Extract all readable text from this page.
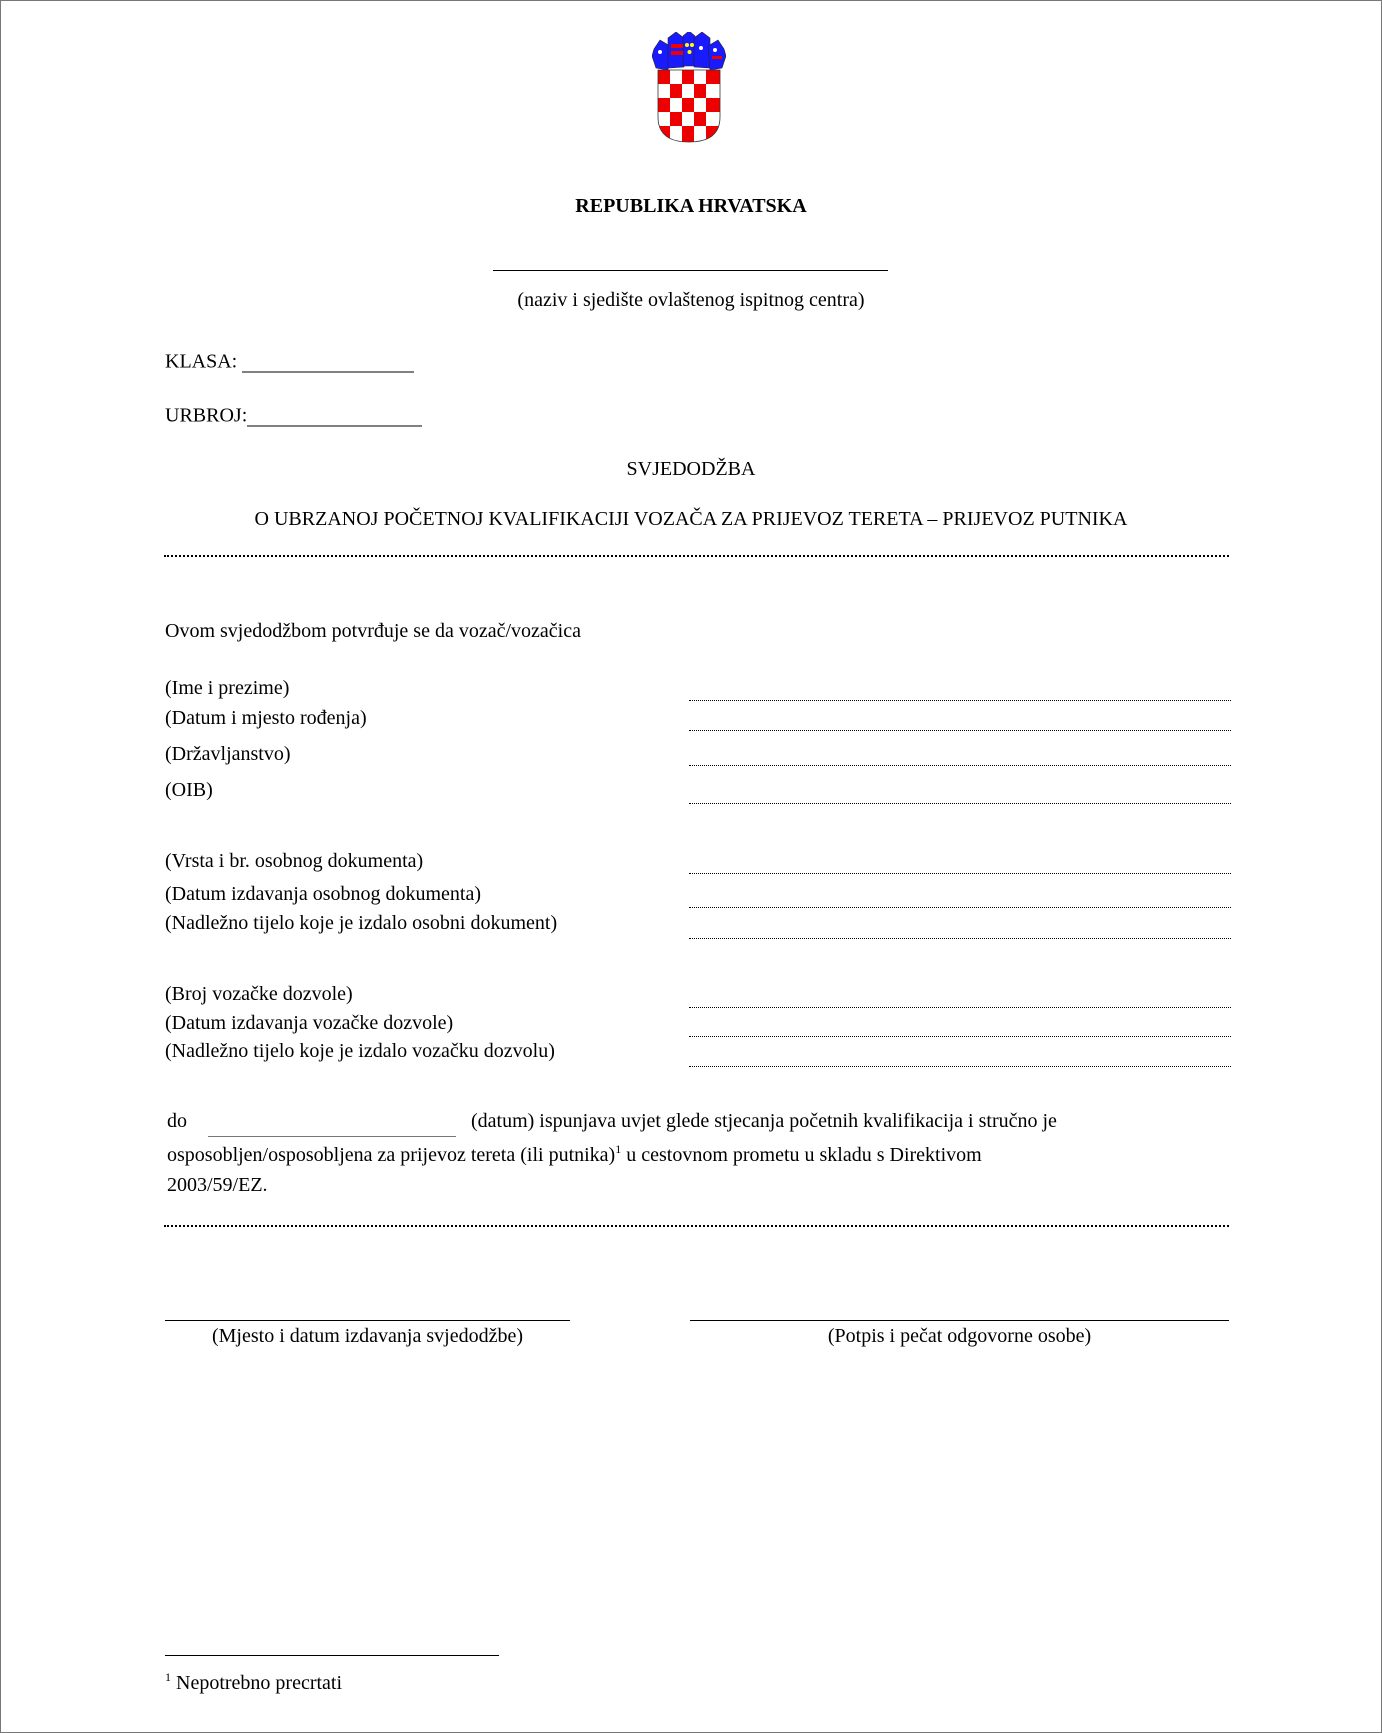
REPUBLIKA HRVATSKA
(naziv i sjedište ovlaštenog ispitnog centra)
KLASA:
URBROJ:
SVJEDODŽBA
O UBRZANOJ POČETNOJ KVALIFIKACIJI VOZAČA ZA PRIJEVOZ TERETA – PRIJEVOZ PUTNIKA
Ovom svjedodžbom potvrđuje se da vozač/vozačica
(Ime i prezime)
(Datum i mjesto rođenja)
(Državljanstvo)
(OIB)
(Vrsta i br. osobnog dokumenta)
(Datum izdavanja osobnog dokumenta)
(Nadležno tijelo koje je izdalo osobni dokument)
(Broj vozačke dozvole)
(Datum izdavanja vozačke dozvole)
(Nadležno tijelo koje je izdalo vozačku dozvolu)
do	(datum) ispunjava uvjet glede stjecanja početnih kvalifikacija i stručno je
osposobljen/osposobljena za prijevoz tereta (ili putnika)$^1$ u cestovnom prometu u skladu s Direktivom
2003/59/EZ.
(Mjesto i datum izdavanja svjedodžbe)	(Potpis i pečat odgovorne osobe)
$^1$ Nepotrebno precrtati
